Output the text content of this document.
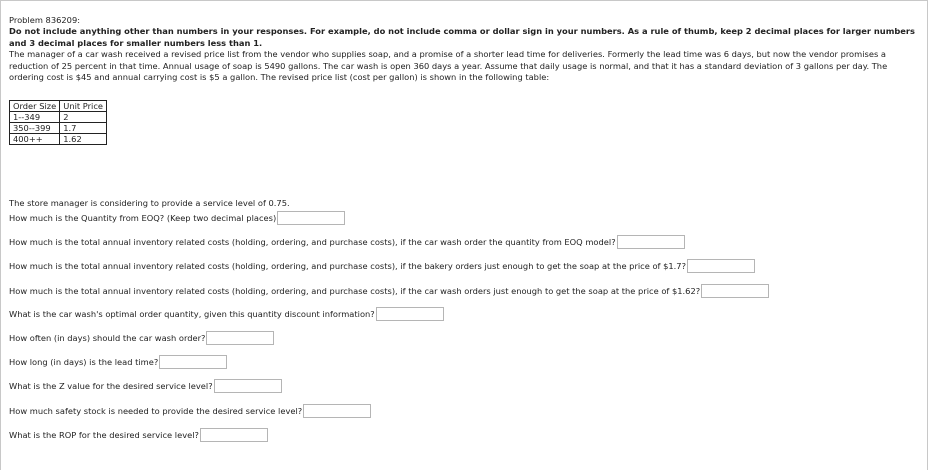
Problem 836209:

Do not include anything other than numbers in your responses. For example, do not include comma or dollar sign in your numbers. As a rule of thumb, keep 2 decimal places for larger numbers and 3 decimal places for smaller numbers less than 1.

The manager of a car wash received a revised price list from the vendor who supplies soap, and a promise of a shorter lead time for deliveries. Formerly the lead time was 6 days, but now the vendor promises a reduction of 25 percent in that time. Annual usage of soap is 5490 gallons. The car wash is open 360 days a year. Assume that daily usage is normal, and that it has a standard deviation of 3 gallons per day. The ordering cost is $45 and annual carrying cost is $5 a gallon. The revised price list (cost per gallon) is shown in the following table:

Order Size	Unit Price
1--349	2
350--399	1.7
400++	1.62

The store manager is considering to provide a service level of 0.75.

How much is the Quantity from EOQ? (Keep two decimal places)
How much is the total annual inventory related costs (holding, ordering, and purchase costs), if the car wash order the quantity from EOQ model?
How much is the total annual inventory related costs (holding, ordering, and purchase costs), if the bakery orders just enough to get the soap at the price of $1.7?
How much is the total annual inventory related costs (holding, ordering, and purchase costs), if the car wash orders just enough to get the soap at the price of $1.62?
What is the car wash's optimal order quantity, given this quantity discount information?
How often (in days) should the car wash order?
How long (in days) is the lead time?
What is the Z value for the desired service level?
How much safety stock is needed to provide the desired service level?
What is the ROP for the desired service level?
